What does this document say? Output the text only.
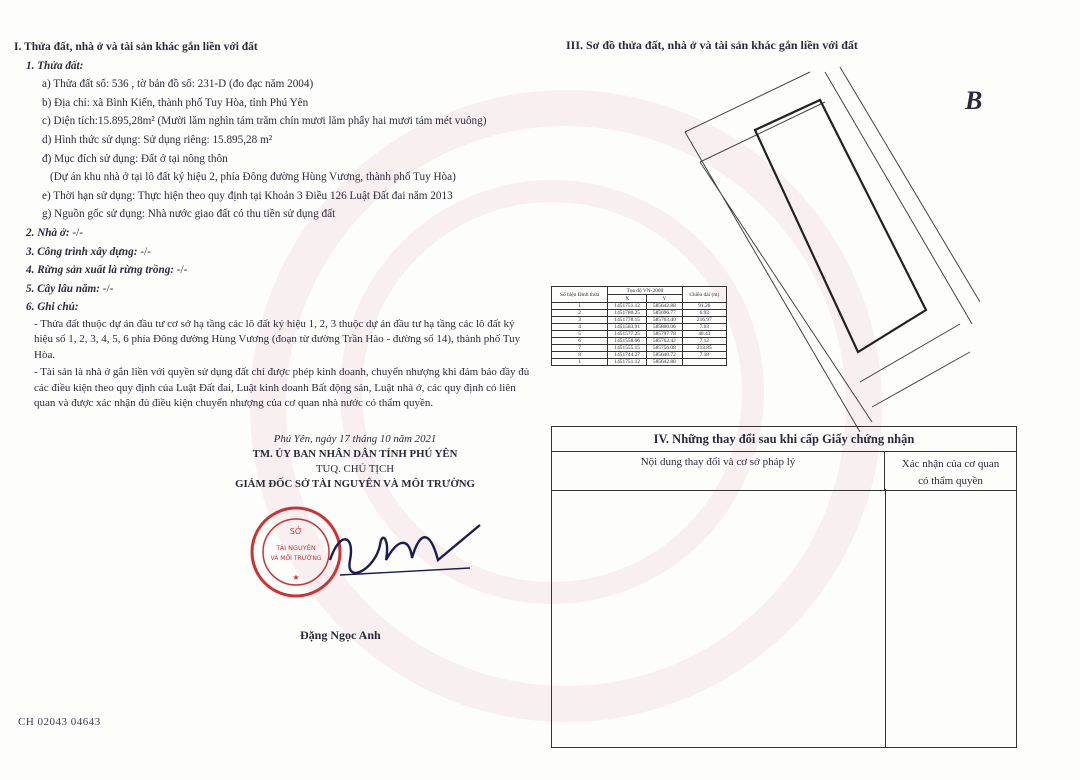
I. Thửa đất, nhà ở và tài sản khác gắn liền với đất
1. Thửa đất:
a) Thửa đất số: 536 , tờ bản đồ số: 231-D (đo đạc năm 2004)
b) Địa chỉ: xã Bình Kiến, thành phố Tuy Hòa, tỉnh Phú Yên
c) Diện tích:15.895,28m² (Mười lăm nghìn tám trăm chín mươi lăm phẩy hai mươi tám mét vuông)
d) Hình thức sử dụng: Sử dụng riêng: 15.895,28 m²
đ) Mục đích sử dụng: Đất ở tại nông thôn
(Dự án khu nhà ở tại lô đất ký hiệu 2, phía Đông đường Hùng Vương, thành phố Tuy Hòa)
e) Thời hạn sử dụng: Thực hiện theo quy định tại Khoản 3 Điều 126 Luật Đất đai năm 2013
g) Nguồn gốc sử dụng: Nhà nước giao đất có thu tiền sử dụng đất
2. Nhà ở: -/-
3. Công trình xây dựng: -/-
4. Rừng sản xuất là rừng trồng: -/-
5. Cây lâu năm: -/-
6. Ghi chú:
- Thửa đất thuộc dự án đầu tư cơ sở hạ tầng các lô đất ký hiệu 1, 2, 3 thuộc dự án đầu tư hạ tầng các lô đất ký hiệu số 1, 2, 3, 4, 5, 6 phía Đông đường Hùng Vương (đoạn từ đường Trần Hào - đường số 14), thành phố Tuy Hòa.
- Tài sản là nhà ở gắn liền với quyền sử dụng đất chỉ được phép kinh doanh, chuyển nhượng khi đảm bảo đầy đủ các điều kiện theo quy định của Luật Đất đai, Luật kinh doanh Bất động sản, Luật nhà ở, các quy định có liên quan và được xác nhận đủ điều kiện chuyển nhượng của cơ quan nhà nước có thẩm quyền.
Phú Yên, ngày 17 tháng 10 năm 2021
TM. ỦY BAN NHÂN DÂN TỈNH PHÚ YÊN
TUQ. CHỦ TỊCH
GIÁM ĐỐC SỞ TÀI NGUYÊN VÀ MÔI TRƯỜNG
SỞ
TÀI NGUYÊN
VÀ MÔI TRƯỜNG
★
Đặng Ngọc Anh
CH 02043 04643
III. Sơ đồ thửa đất, nhà ở và tài sản khác gắn liền với đất
B
Số hiệu Đỉnh thửa	Tọa độ VN-2000		Chiều dài (m)
	X	Y	
1	1451751.12	585642.88	91.26
2	1451780.25	585696.77	6.93
3	1451778.15	585703.40	216.97
4	1451583.91	585800.06	7.03
5	1451577.25	585797.78	40.43
6	1451558.06	585762.42	7.12
7	1451555.15	585756.08	213.85
8	1451744.27	585640.72	7.18
1	1451751.12	585642.88	
IV. Những thay đổi sau khi cấp Giấy chứng nhận
Nội dung thay đổi và cơ sở pháp lý	Xác nhận của cơ quan
có thẩm quyền
